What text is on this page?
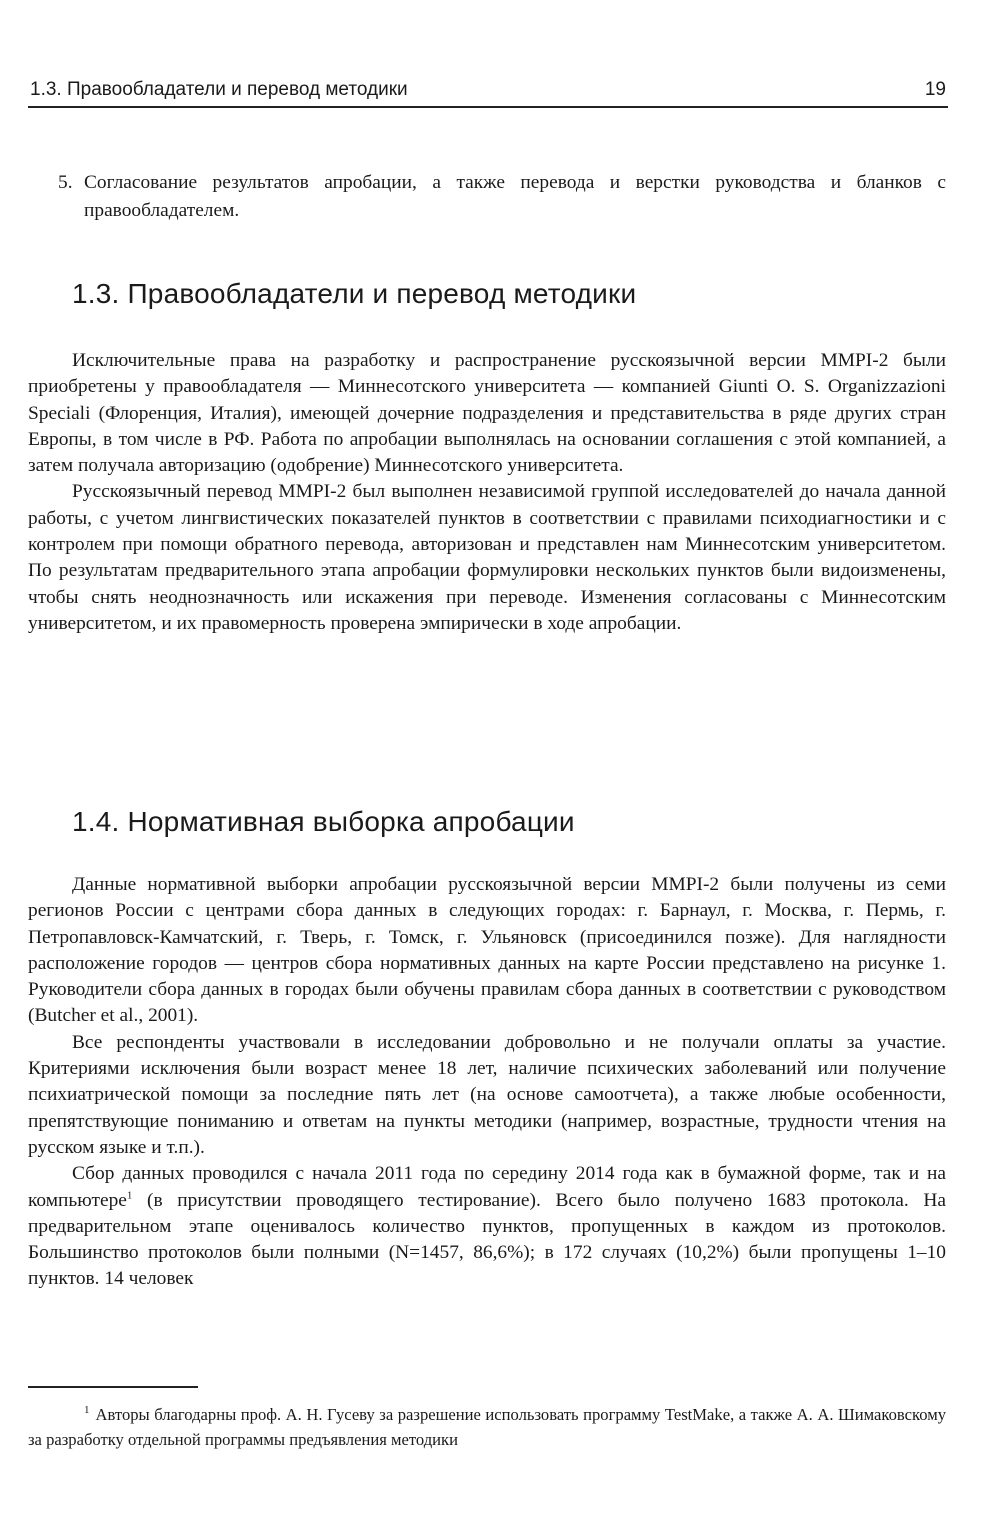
1.3. Правообладатели и перевод методики	19
5. Согласование результатов апробации, а также перевода и верстки руководства и бланков с правообладателем.
1.3. Правообладатели и перевод методики

Исключительные права на разработку и распространение русскоязычной версии MMPI-2 были приобретены у правообладателя — Миннесотского университета — компанией Giunti O. S. Organizzazioni Speciali (Флоренция, Италия), имеющей дочерние подразделения и представительства в ряде других стран Европы, в том числе в РФ. Работа по апробации выполнялась на основании соглашения с этой компанией, а затем получала авторизацию (одобрение) Миннесотского университета.

Русскоязычный перевод MMPI-2 был выполнен независимой группой исследователей до начала данной работы, с учетом лингвистических показателей пунктов в соответствии с правилами психодиагностики и с контролем при помощи обратного перевода, авторизован и представлен нам Миннесотским университетом. По результатам предварительного этапа апробации формулировки нескольких пунктов были видоизменены, чтобы снять неоднозначность или искажения при переводе. Изменения согласованы с Миннесотским университетом, и их правомерность проверена эмпирически в ходе апробации.

1.4. Нормативная выборка апробации

Данные нормативной выборки апробации русскоязычной версии MMPI-2 были получены из семи регионов России с центрами сбора данных в следующих городах: г. Барнаул, г. Москва, г. Пермь, г. Петропавловск-Камчатский, г. Тверь, г. Томск, г. Ульяновск (присоединился позже). Для наглядности расположение городов — центров сбора нормативных данных на карте России представлено на рисунке 1. Руководители сбора данных в городах были обучены правилам сбора данных в соответствии с руководством (Butcher et al., 2001).

Все респонденты участвовали в исследовании добровольно и не получали оплаты за участие. Критериями исключения были возраст менее 18 лет, наличие психических заболеваний или получение психиатрической помощи за последние пять лет (на основе самоотчета), а также любые особенности, препятствующие пониманию и ответам на пункты методики (например, возрастные, трудности чтения на русском языке и т.п.).

Сбор данных проводился с начала 2011 года по середину 2014 года как в бумажной форме, так и на компьютере$^1$ (в присутствии проводящего тестирование). Всего было получено 1683 протокола. На предварительном этапе оценивалось количество пунктов, пропущенных в каждом из протоколов. Большинство протоколов были полными (N=1457, 86,6%); в 172 случаях (10,2%) были пропущены 1–10 пунктов. 14 человек

$^1$ Авторы благодарны проф. А. Н. Гусеву за разрешение использовать программу TestMake, а также А. А. Шимаковскому за разработку отдельной программы предъявления методики
